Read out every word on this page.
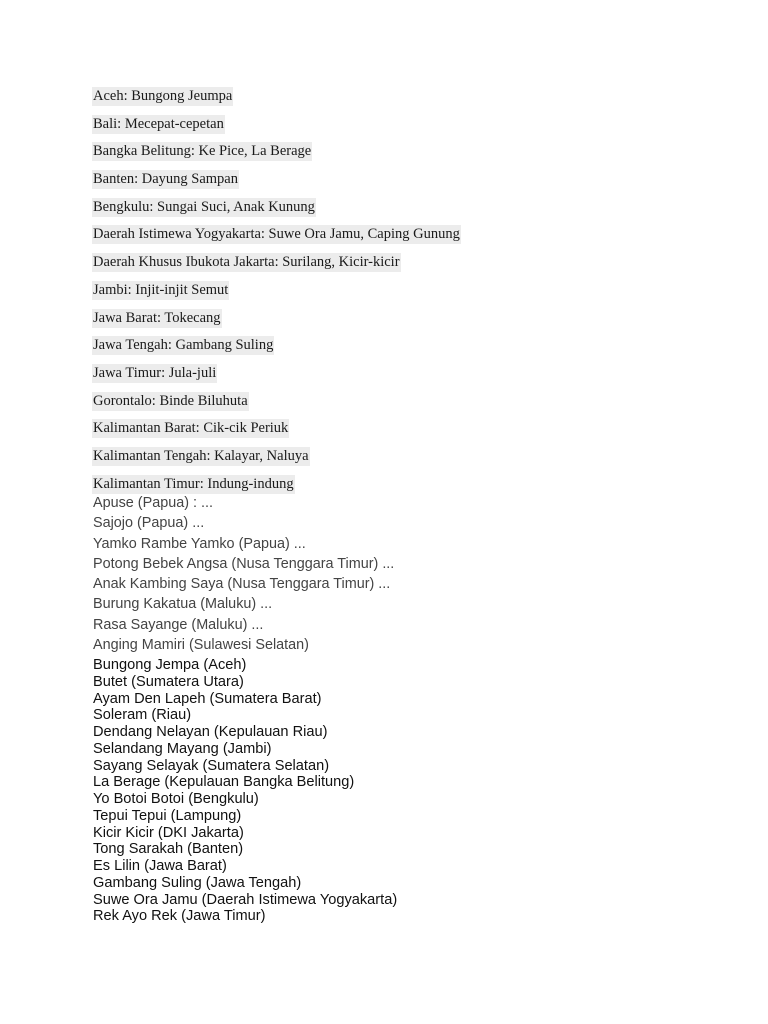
Aceh: Bungong Jeumpa
Bali: Mecepat-cepetan
Bangka Belitung: Ke Pice, La Berage
Banten: Dayung Sampan
Bengkulu: Sungai Suci, Anak Kunung
Daerah Istimewa Yogyakarta: Suwe Ora Jamu, Caping Gunung
Daerah Khusus Ibukota Jakarta: Surilang, Kicir-kicir
Jambi: Injit-injit Semut
Jawa Barat: Tokecang
Jawa Tengah: Gambang Suling
Jawa Timur: Jula-juli
Gorontalo: Binde Biluhuta
Kalimantan Barat: Cik-cik Periuk
Kalimantan Tengah: Kalayar, Naluya
Kalimantan Timur: Indung-indung
Apuse (Papua) : ...
Sajojo (Papua) ...
Yamko Rambe Yamko (Papua) ...
Potong Bebek Angsa (Nusa Tenggara Timur) ...
Anak Kambing Saya (Nusa Tenggara Timur) ...
Burung Kakatua (Maluku) ...
Rasa Sayange (Maluku) ...
Anging Mamiri (Sulawesi Selatan)
Bungong Jempa (Aceh)
Butet (Sumatera Utara)
Ayam Den Lapeh (Sumatera Barat)
Soleram (Riau)
Dendang Nelayan (Kepulauan Riau)
Selandang Mayang (Jambi)
Sayang Selayak (Sumatera Selatan)
La Berage (Kepulauan Bangka Belitung)
Yo Botoi Botoi (Bengkulu)
Tepui Tepui (Lampung)
Kicir Kicir (DKI Jakarta)
Tong Sarakah (Banten)
Es Lilin (Jawa Barat)
Gambang Suling (Jawa Tengah)
Suwe Ora Jamu (Daerah Istimewa Yogyakarta)
Rek Ayo Rek (Jawa Timur)
